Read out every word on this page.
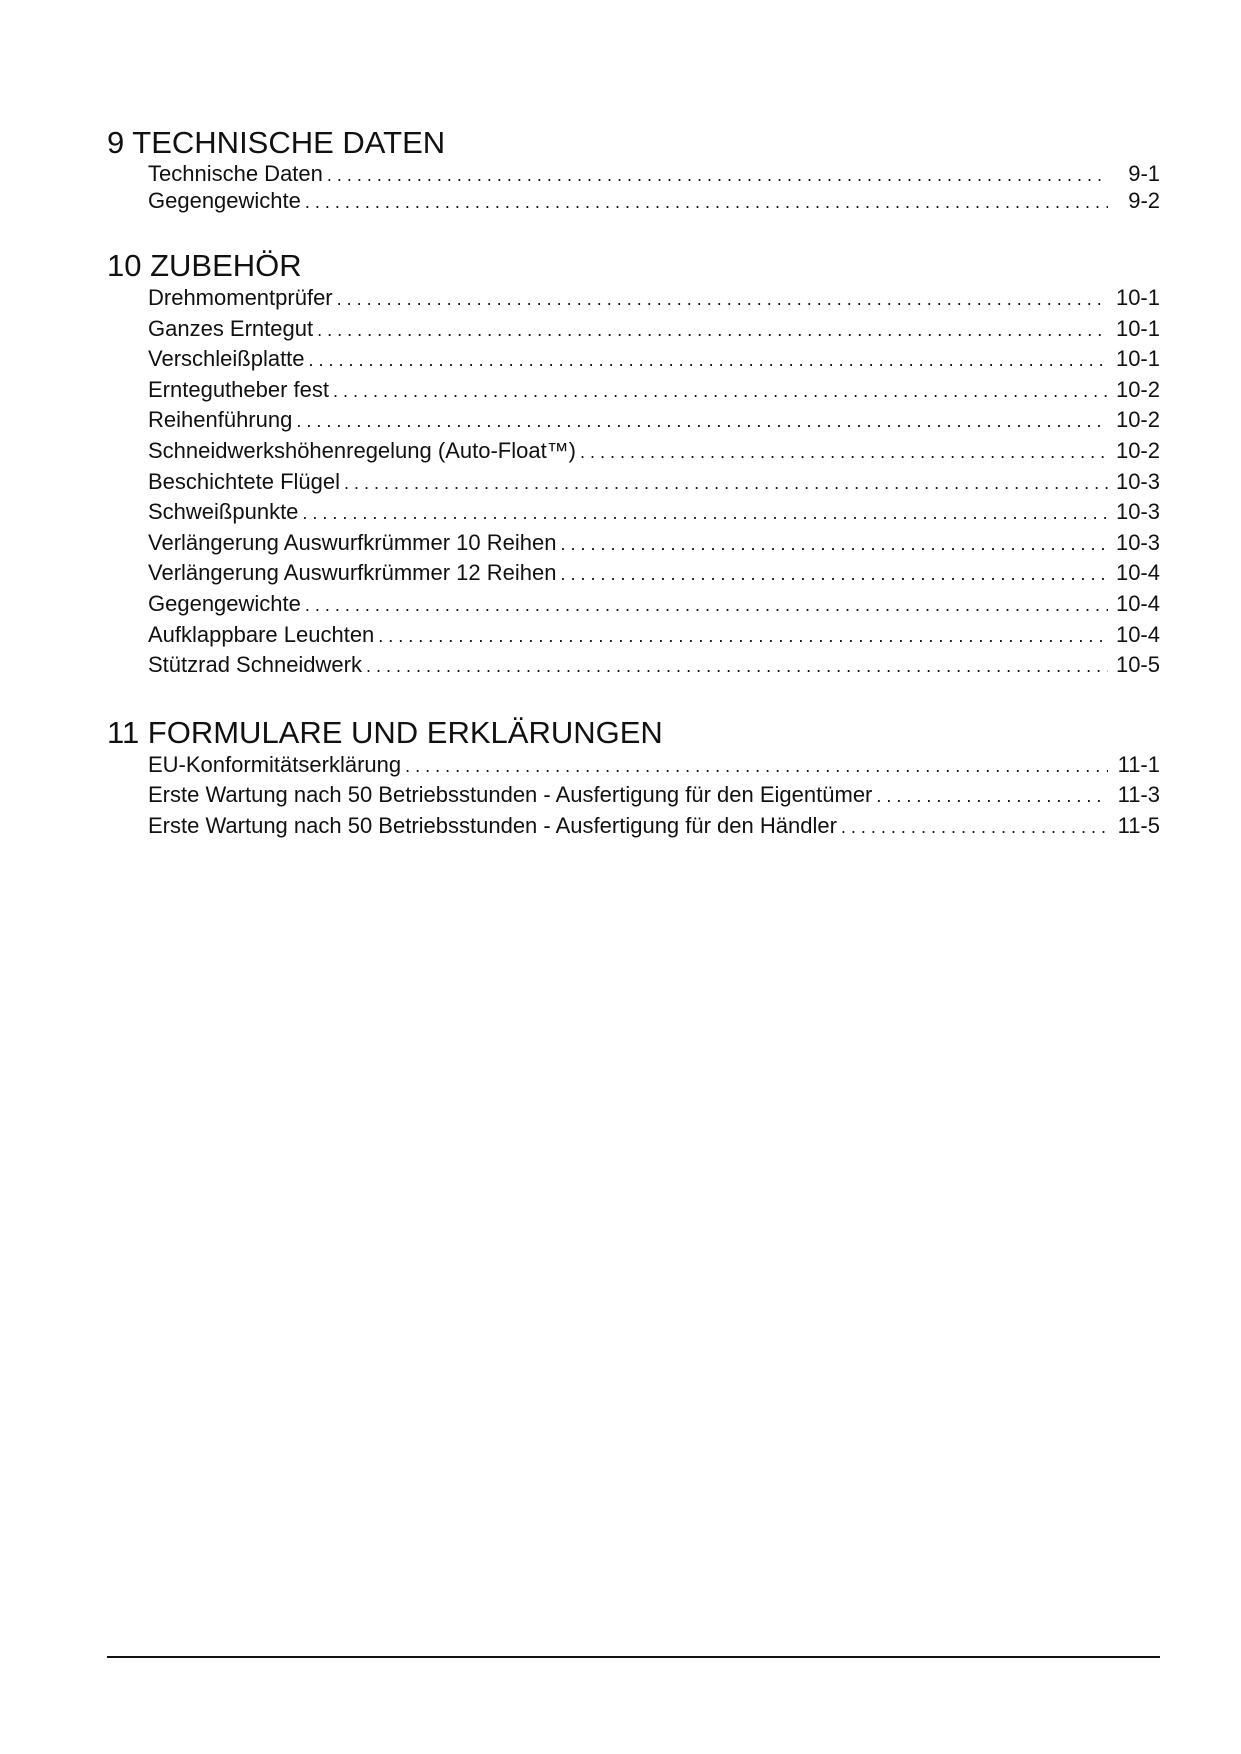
9 TECHNISCHE DATEN
Technische Daten . . .	9-1
Gegengewichte . . .	9-2
10 ZUBEHÖR
Drehmomentprüfer . . .	10-1
Ganzes Erntegut . . .	10-1
Verschleißplatte . . .	10-1
Erntegutheber fest . . .	10-2
Reihenführung . . .	10-2
Schneidwerkshöhenregelung (Auto-Float™) . . .	10-2
Beschichtete Flügel . . .	10-3
Schweißpunkte . . .	10-3
Verlängerung Auswurfkrümmer 10 Reihen . . .	10-3
Verlängerung Auswurfkrümmer 12 Reihen . . .	10-4
Gegengewichte . . .	10-4
Aufklappbare Leuchten . . .	10-4
Stützrad Schneidwerk . . .	10-5
11 FORMULARE UND ERKLÄRUNGEN
EU-Konformitätserklärung . . .	11-1
Erste Wartung nach 50 Betriebsstunden - Ausfertigung für den Eigentümer . . .	11-3
Erste Wartung nach 50 Betriebsstunden - Ausfertigung für den Händler . . .	11-5
